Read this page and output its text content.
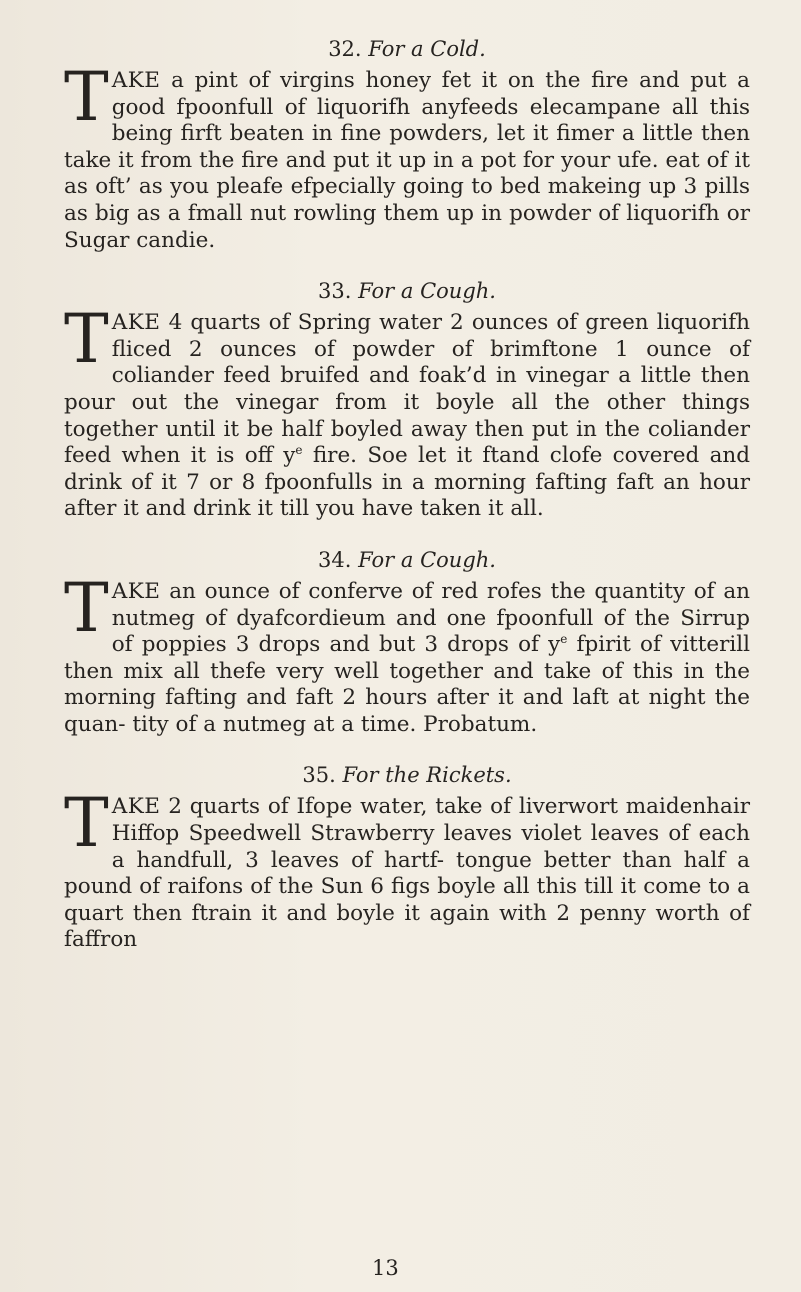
32. For a Cold.

TAKE a pint of virgins honey fet it on the fire and put a good fpoonfull of liquorifh anyfeeds elecampane all this being firft beaten in fine powders, let it fimer a little then take it from the fire and put it up in a pot for your ufe. eat of it as oft’ as you pleafe efpecially going to bed makeing up 3 pills as big as a fmall nut rowling them up in powder of liquorifh or Sugar candie.

33. For a Cough.

TAKE 4 quarts of Spring water 2 ounces of green liquorifh fliced 2 ounces of powder of brimftone 1 ounce of coliander feed bruifed and foak’d in vinegar a little then pour out the vinegar from it boyle all the other things together until it be half boyled away then put in the coliander feed when it is off $y^e$ fire. Soe let it ftand clofe covered and drink of it 7 or 8 fpoonfulls in a morning fafting faft an hour after it and drink it till you have taken it all.

34. For a Cough.

TAKE an ounce of conferve of red rofes the quantity of an nutmeg of dyafcordieum and one fpoonfull of the Sirrup of poppies 3 drops and but 3 drops of $y^e$ fpirit of vitterill then mix all thefe very well together and take of this in the morning fafting and faft 2 hours after it and laft at night the quan- tity of a nutmeg at a time. Probatum.

35. For the Rickets.

TAKE 2 quarts of Ifope water, take of liverwort maidenhair Hiffop Speedwell Strawberry leaves violet leaves of each a handfull, 3 leaves of hartf- tongue better than half a pound of raifons of the Sun 6 figs boyle all this till it come to a quart then ftrain it and boyle it again with 2 penny worth of faffron

13
